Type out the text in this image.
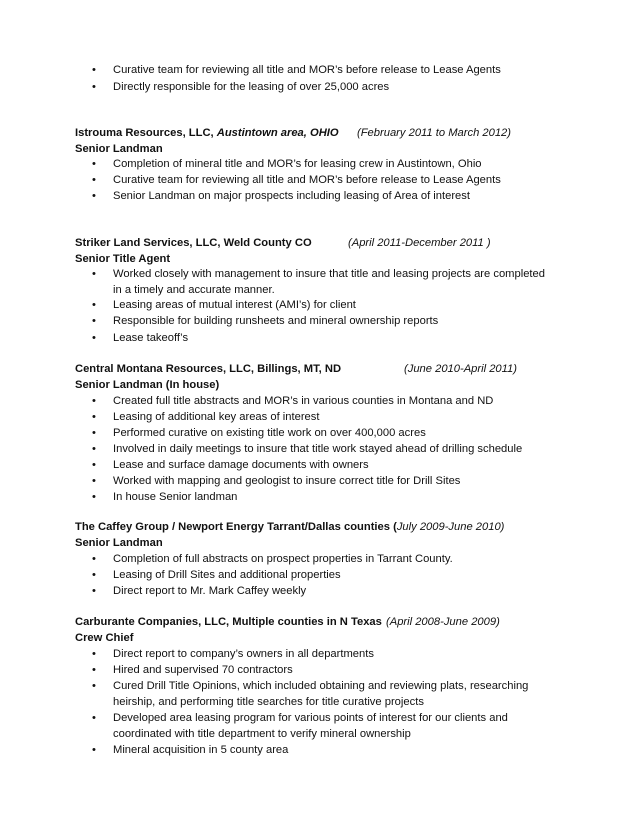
• Curative team for reviewing all title and MOR’s before release to Lease Agents
• Directly responsible for the leasing of over 25,000 acres
Istrouma Resources, LLC, Austintown area, OHIO (February 2011 to March 2012)
Senior Landman
• Completion of mineral title and MOR’s for leasing crew in Austintown, Ohio
• Curative team for reviewing all title and MOR’s before release to Lease Agents
• Senior Landman on major prospects including leasing of Area of interest
Striker Land Services, LLC, Weld County CO	(April 2011-December 2011 )
Senior Title Agent
• Worked closely with management to insure that title and leasing projects are completed
in a timely and accurate manner.
• Leasing areas of mutual interest (AMI’s) for client
• Responsible for building runsheets and mineral ownership reports
• Lease takeoff’s
Central Montana Resources, LLC, Billings, MT, ND	(June 2010-April 2011)
Senior Landman (In house)
• Created full title abstracts and MOR’s in various counties in Montana and ND
• Leasing of additional key areas of interest
• Performed curative on existing title work on over 400,000 acres
• Involved in daily meetings to insure that title work stayed ahead of drilling schedule
• Lease and surface damage documents with owners
• Worked with mapping and geologist to insure correct title for Drill Sites
• In house Senior landman
The Caffey Group / Newport Energy Tarrant/Dallas counties (July 2009-June 2010)
Senior Landman
• Completion of full abstracts on prospect properties in Tarrant County.
• Leasing of Drill Sites and additional properties
• Direct report to Mr. Mark Caffey weekly
Carburante Companies, LLC, Multiple counties in N Texas (April 2008-June 2009)
Crew Chief
• Direct report to company’s owners in all departments
• Hired and supervised 70 contractors
• Cured Drill Title Opinions, which included obtaining and reviewing plats, researching
heirship, and performing title searches for title curative projects
• Developed area leasing program for various points of interest for our clients and
coordinated with title department to verify mineral ownership
• Mineral acquisition in 5 county area
